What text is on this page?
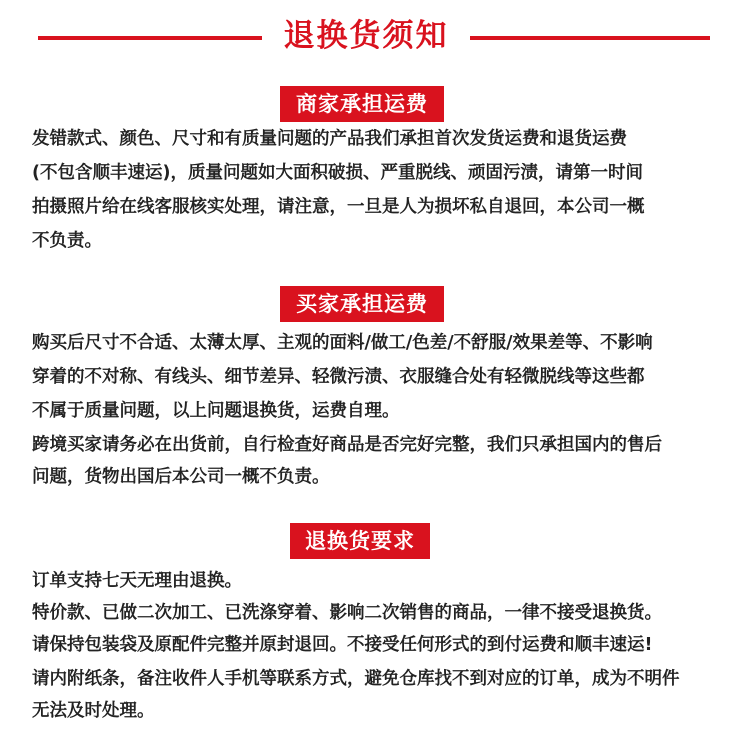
退换货须知
商家承担运费

发错款式、颜色、尺寸和有质量问题的产品我们承担首次发货运费和退货运费

(不包含顺丰速运)，质量问题如大面积破损、严重脱线、顽固污渍，请第一时间

拍摄照片给在线客服核实处理，请注意，一旦是人为损坏私自退回，本公司一概

不负责。

买家承担运费

购买后尺寸不合适、太薄太厚、主观的面料/做工/色差/不舒服/效果差等、不影响

穿着的不对称、有线头、细节差异、轻微污渍、衣服缝合处有轻微脱线等这些都

不属于质量问题，以上问题退换货，运费自理。

跨境买家请务必在出货前，自行检查好商品是否完好完整，我们只承担国内的售后

问题，货物出国后本公司一概不负责。

退换货要求

订单支持七天无理由退换。

特价款、已做二次加工、已洗涤穿着、影响二次销售的商品，一律不接受退换货。

请保持包装袋及原配件完整并原封退回。不接受任何形式的到付运费和顺丰速运!

请内附纸条，备注收件人手机等联系方式，避免仓库找不到对应的订单，成为不明件

无法及时处理。
